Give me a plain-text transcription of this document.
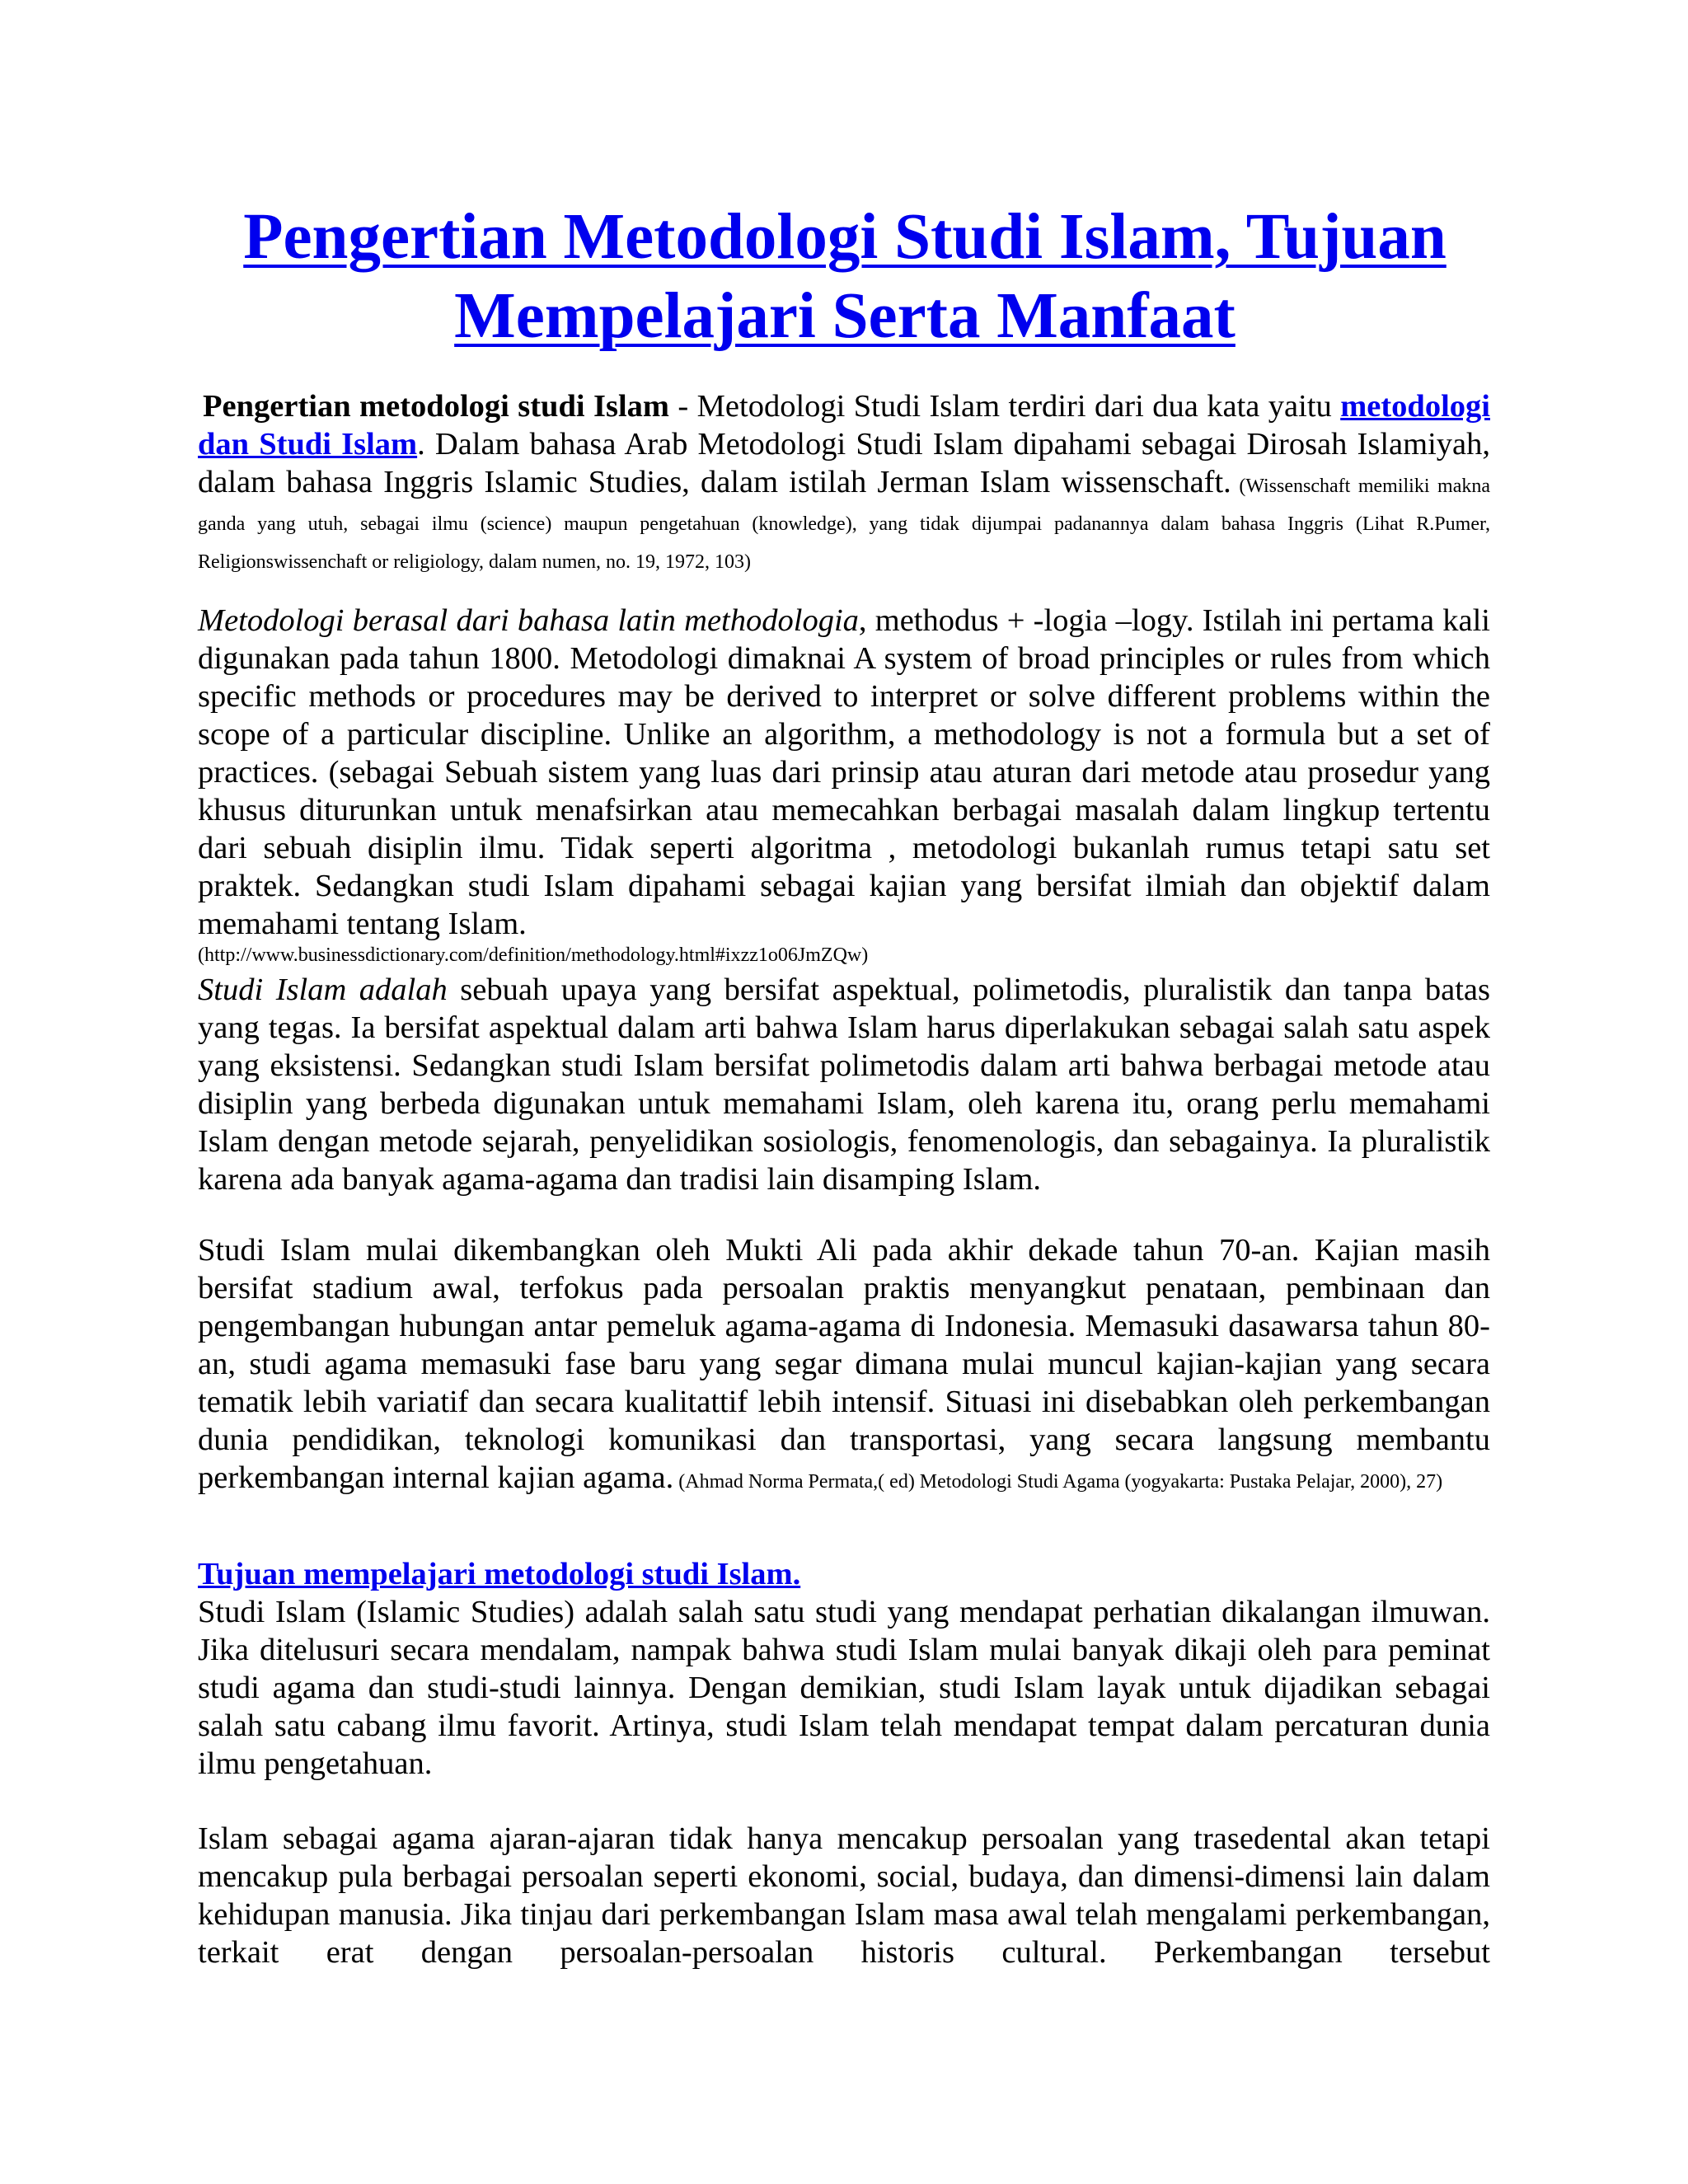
Pengertian Metodologi Studi Islam, Tujuan Mempelajari Serta Manfaat
Pengertian metodologi studi Islam - Metodologi Studi Islam terdiri dari dua kata yaitu metodologi dan Studi Islam. Dalam bahasa Arab Metodologi Studi Islam dipahami sebagai Dirosah Islamiyah, dalam bahasa Inggris Islamic Studies, dalam istilah Jerman Islam wissenschaft. (Wissenschaft memiliki makna ganda yang utuh, sebagai ilmu (science) maupun pengetahuan (knowledge), yang tidak dijumpai padanannya dalam bahasa Inggris (Lihat R.Pumer, Religionswissenchaft or religiology, dalam numen, no. 19, 1972, 103)
Metodologi berasal dari bahasa latin methodologia, methodus + -logia –logy. Istilah ini pertama kali digunakan pada tahun 1800. Metodologi dimaknai A system of broad principles or rules from which specific methods or procedures may be derived to interpret or solve different problems within the scope of a particular discipline. Unlike an algorithm, a methodology is not a formula but a set of practices. (sebagai Sebuah sistem yang luas dari prinsip atau aturan dari metode atau prosedur yang khusus diturunkan untuk menafsirkan atau memecahkan berbagai masalah dalam lingkup tertentu dari sebuah disiplin ilmu. Tidak seperti algoritma , metodologi bukanlah rumus tetapi satu set praktek. Sedangkan studi Islam dipahami sebagai kajian yang bersifat ilmiah dan objektif dalam memahami tentang Islam.
(http://www.businessdictionary.com/definition/methodology.html#ixzz1o06JmZQw)
Studi Islam adalah sebuah upaya yang bersifat aspektual, polimetodis, pluralistik dan tanpa batas yang tegas. Ia bersifat aspektual dalam arti bahwa Islam harus diperlakukan sebagai salah satu aspek yang eksistensi. Sedangkan studi Islam bersifat polimetodis dalam arti bahwa berbagai metode atau disiplin yang berbeda digunakan untuk memahami Islam, oleh karena itu, orang perlu memahami Islam dengan metode sejarah, penyelidikan sosiologis, fenomenologis, dan sebagainya. Ia pluralistik karena ada banyak agama-agama dan tradisi lain disamping Islam.
Studi Islam mulai dikembangkan oleh Mukti Ali pada akhir dekade tahun 70-an. Kajian masih bersifat stadium awal, terfokus pada persoalan praktis menyangkut penataan, pembinaan dan pengembangan hubungan antar pemeluk agama-agama di Indonesia. Memasuki dasawarsa tahun 80-an, studi agama memasuki fase baru yang segar dimana mulai muncul kajian-kajian yang secara tematik lebih variatif dan secara kualitattif lebih intensif. Situasi ini disebabkan oleh perkembangan dunia pendidikan, teknologi komunikasi dan transportasi, yang secara langsung membantu perkembangan internal kajian agama. (Ahmad Norma Permata,( ed) Metodologi Studi Agama (yogyakarta: Pustaka Pelajar, 2000), 27)
Tujuan mempelajari metodologi studi Islam.
Studi Islam (Islamic Studies) adalah salah satu studi yang mendapat perhatian dikalangan ilmuwan. Jika ditelusuri secara mendalam, nampak bahwa studi Islam mulai banyak dikaji oleh para peminat studi agama dan studi-studi lainnya. Dengan demikian, studi Islam layak untuk dijadikan sebagai salah satu cabang ilmu favorit. Artinya, studi Islam telah mendapat tempat dalam percaturan dunia ilmu pengetahuan.
Islam sebagai agama ajaran-ajaran tidak hanya mencakup persoalan yang trasedental akan tetapi mencakup pula berbagai persoalan seperti ekonomi, social, budaya, dan dimensi-dimensi lain dalam kehidupan manusia. Jika tinjau dari perkembangan Islam masa awal telah mengalami perkembangan, terkait erat dengan persoalan-persoalan historis cultural. Perkembangan tersebut
